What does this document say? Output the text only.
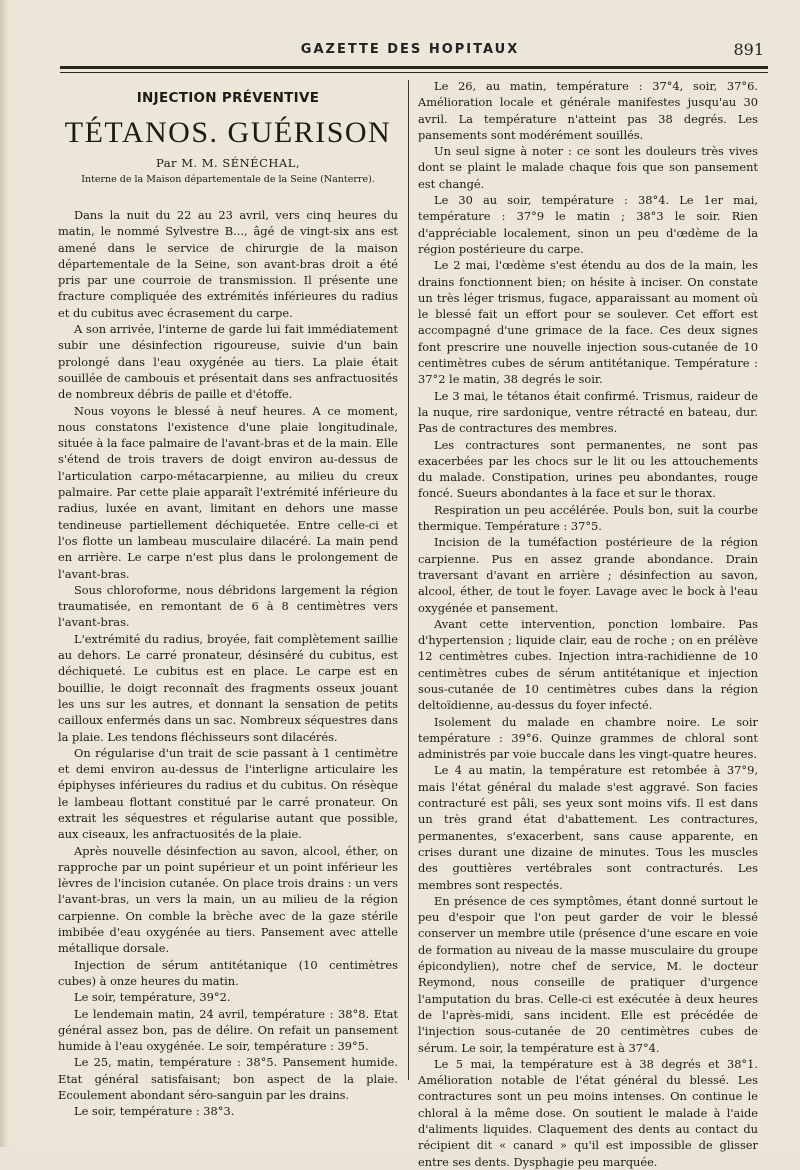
GAZETTE DES HOPITAUX	891
INJECTION PRÉVENTIVE
TÉTANOS. GUÉRISON
Par M. M. SÉNÉCHAL,
Interne de la Maison départementale de la Seine (Nanterre).

Dans la nuit du 22 au 23 avril, vers cinq heures du matin, le nommé Sylvestre B..., âgé de vingt-six ans est amené dans le service de chirurgie de la maison départementale de la Seine, son avant-bras droit a été pris par une courroie de transmission. Il présente une fracture compliquée des extrémités inférieures du radius et du cubitus avec écrasement du carpe.

A son arrivée, l'interne de garde lui fait immédiatement subir une désinfection rigoureuse, suivie d'un bain prolongé dans l'eau oxygénée au tiers. La plaie était souillée de cambouis et présentait dans ses anfractuosités de nombreux débris de paille et d'étoffe.

Nous voyons le blessé à neuf heures. A ce moment, nous constatons l'existence d'une plaie longitudinale, située à la face palmaire de l'avant-bras et de la main. Elle s'étend de trois travers de doigt environ au-dessus de l'articulation carpo-métacarpienne, au milieu du creux palmaire. Par cette plaie apparaît l'extrémité inférieure du radius, luxée en avant, limitant en dehors une masse tendineuse partiellement déchiquetée. Entre celle-ci et l'os flotte un lambeau musculaire dilacéré. La main pend en arrière. Le carpe n'est plus dans le prolongement de l'avant-bras.

Sous chloroforme, nous débridons largement la région traumatisée, en remontant de 6 à 8 centimètres vers l'avant-bras.

L'extrémité du radius, broyée, fait complètement saillie au dehors. Le carré pronateur, désinséré du cubitus, est déchiqueté. Le cubitus est en place. Le carpe est en bouillie, le doigt reconnaît des fragments osseux jouant les uns sur les autres, et donnant la sensation de petits cailloux enfermés dans un sac. Nombreux séquestres dans la plaie. Les tendons fléchisseurs sont dilacérés.

On régularise d'un trait de scie passant à 1 centimètre et demi environ au-dessus de l'interligne articulaire les épiphyses inférieures du radius et du cubitus. On résèque le lambeau flottant constitué par le carré pronateur. On extrait les séquestres et régularise autant que possible, aux ciseaux, les anfractuosités de la plaie.

Après nouvelle désinfection au savon, alcool, éther, on rapproche par un point supérieur et un point inférieur les lèvres de l'incision cutanée. On place trois drains : un vers l'avant-bras, un vers la main, un au milieu de la région carpienne. On comble la brèche avec de la gaze stérile imbibée d'eau oxygénée au tiers. Pansement avec attelle métallique dorsale.

Injection de sérum antitétanique (10 centimètres cubes) à onze heures du matin.

Le soir, température, 39°2.

Le lendemain matin, 24 avril, température : 38°8. Etat général assez bon, pas de délire. On refait un pansement humide à l'eau oxygénée. Le soir, température : 39°5.

Le 25, matin, température : 38°5. Pansement humide. Etat général satisfaisant; bon aspect de la plaie. Ecoulement abondant séro-sanguin par les drains.

Le soir, température : 38°3.

Le 26, au matin, température : 37°4, soir, 37°6. Amélioration locale et générale manifestes jusqu'au 30 avril. La température n'atteint pas 38 degrés. Les pansements sont modérément souillés.

Un seul signe à noter : ce sont les douleurs très vives dont se plaint le malade chaque fois que son pansement est changé.

Le 30 au soir, température : 38°4. Le 1er mai, température : 37°9 le matin ; 38°3 le soir. Rien d'appréciable localement, sinon un peu d'œdème de la région postérieure du carpe.

Le 2 mai, l'œdème s'est étendu au dos de la main, les drains fonctionnent bien; on hésite à inciser. On constate un très léger trismus, fugace, apparaissant au moment où le blessé fait un effort pour se soulever. Cet effort est accompagné d'une grimace de la face. Ces deux signes font prescrire une nouvelle injection sous-cutanée de 10 centimètres cubes de sérum antitétanique. Température : 37°2 le matin, 38 degrés le soir.

Le 3 mai, le tétanos était confirmé. Trismus, raideur de la nuque, rire sardonique, ventre rétracté en bateau, dur. Pas de contractures des membres.

Les contractures sont permanentes, ne sont pas exacerbées par les chocs sur le lit ou les attouchements du malade. Constipation, urines peu abondantes, rouge foncé. Sueurs abondantes à la face et sur le thorax.

Respiration un peu accélérée. Pouls bon, suit la courbe thermique. Température : 37°5.

Incision de la tuméfaction postérieure de la région carpienne. Pus en assez grande abondance. Drain traversant d'avant en arrière ; désinfection au savon, alcool, éther, de tout le foyer. Lavage avec le bock à l'eau oxygénée et pansement.

Avant cette intervention, ponction lombaire. Pas d'hypertension ; liquide clair, eau de roche ; on en prélève 12 centimètres cubes. Injection intra-rachidienne de 10 centimètres cubes de sérum antitétanique et injection sous-cutanée de 10 centimètres cubes dans la région deltoïdienne, au-dessus du foyer infecté.

Isolement du malade en chambre noire. Le soir température : 39°6. Quinze grammes de chloral sont administrés par voie buccale dans les vingt-quatre heures.

Le 4 au matin, la température est retombée à 37°9, mais l'état général du malade s'est aggravé. Son facies contracturé est pâli, ses yeux sont moins vifs. Il est dans un très grand état d'abattement. Les contractures, permanentes, s'exacerbent, sans cause apparente, en crises durant une dizaine de minutes. Tous les muscles des gouttières vertébrales sont contracturés. Les membres sont respectés.

En présence de ces symptômes, étant donné surtout le peu d'espoir que l'on peut garder de voir le blessé conserver un membre utile (présence d'une escare en voie de formation au niveau de la masse musculaire du groupe épicondylien), notre chef de service, M. le docteur Reymond, nous conseille de pratiquer d'urgence l'amputation du bras. Celle-ci est exécutée à deux heures de l'après-midi, sans incident. Elle est précédée de l'injection sous-cutanée de 20 centimètres cubes de sérum. Le soir, la température est à 37°4.

Le 5 mai, la température est à 38 degrés et 38°1. Amélioration notable de l'état général du blessé. Les contractures sont un peu moins intenses. On continue le chloral à la même dose. On soutient le malade à l'aide d'aliments liquides. Claquement des dents au contact du récipient dit « canard » qu'il est impossible de glisser entre ses dents. Dysphagie peu marquée.
